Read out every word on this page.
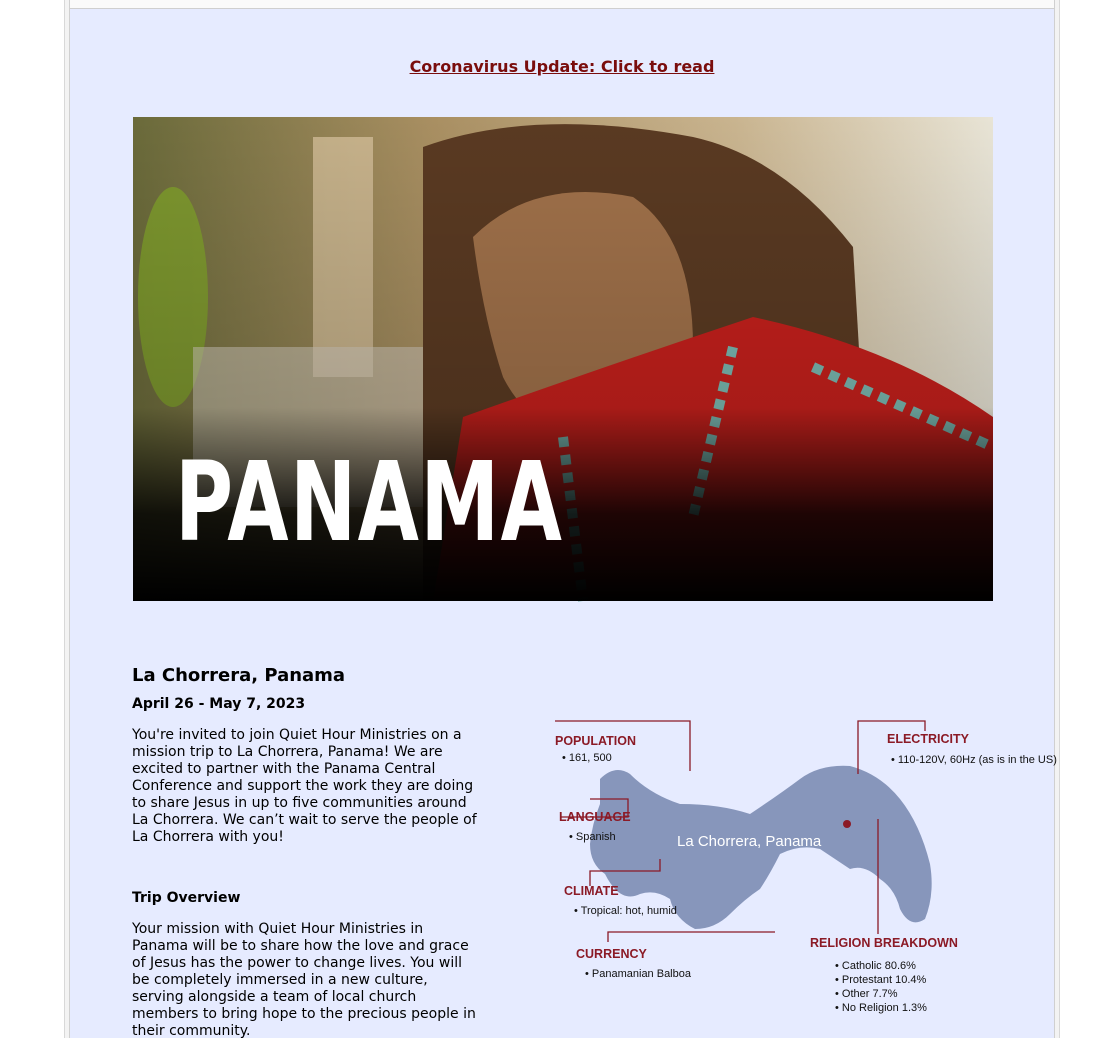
Coronavirus Update: Click to read
PANAMA
La Chorrera, Panama
April 26 - May 7, 2023

You're invited to join Quiet Hour Ministries on a mission trip to La Chorrera, Panama! We are excited to partner with the Panama Central Conference and support the work they are doing to share Jesus in up to five communities around La Chorrera. We can’t wait to serve the people of La Chorrera with you!

Trip Overview

Your mission with Quiet Hour Ministries in Panama will be to share how the love and grace of Jesus has the power to change lives. You will be completely immersed in a new culture, serving alongside a team of local church members to bring hope to the precious people in their community.

La Chorrera, Panama
POPULATION
• 161, 500
LANGUAGE
• Spanish
CLIMATE
• Tropical: hot, humid
CURRENCY
• Panamanian Balboa
ELECTRICITY
• 110-120V, 60Hz (as is in the US)
RELIGION BREAKDOWN
• Catholic 80.6%
• Protestant 10.4%
• Other 7.7%
• No Religion 1.3%
